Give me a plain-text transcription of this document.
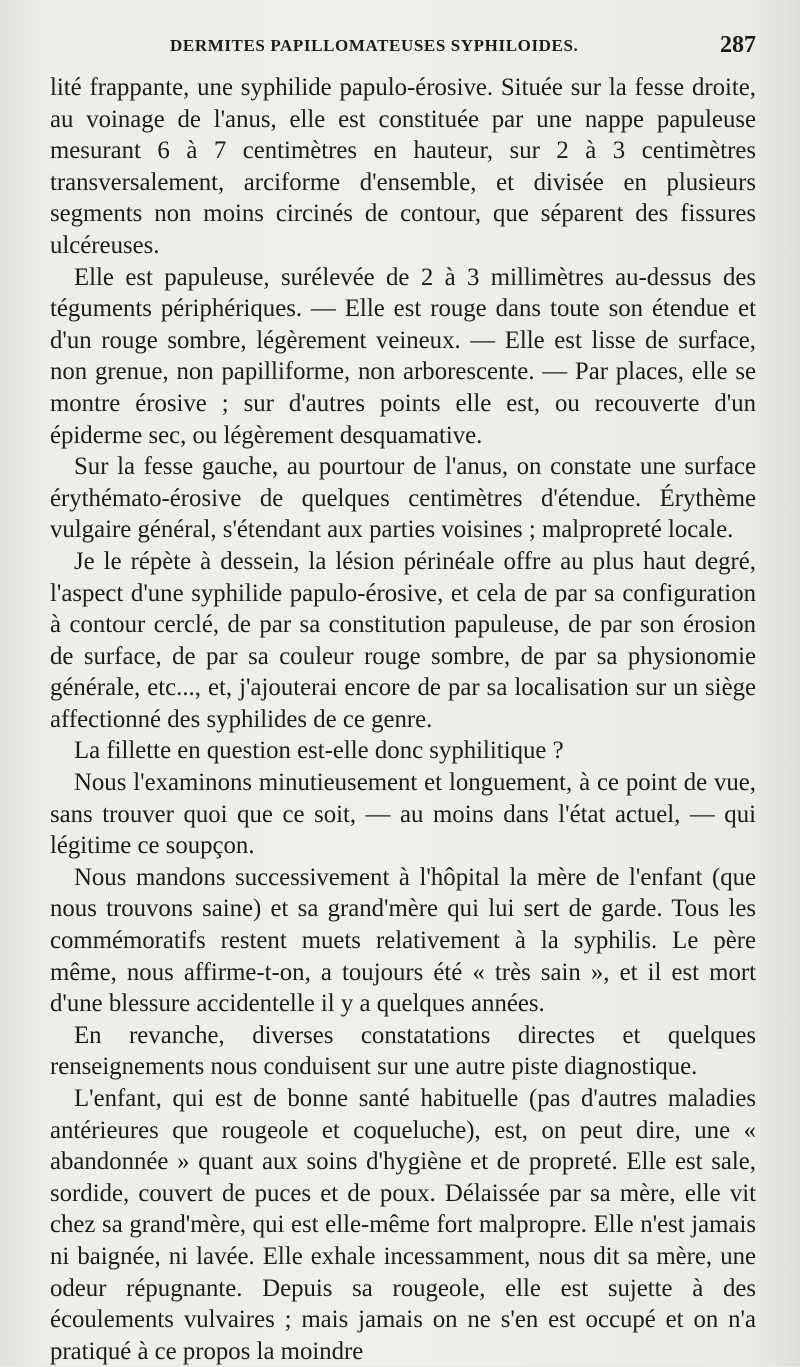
DERMITES PAPILLOMATEUSES SYPHILOIDES.	287

lité frappante, une syphilide papulo-érosive. Située sur la fesse droite, au voinage de l'anus, elle est constituée par une nappe papuleuse mesurant 6 à 7 centimètres en hauteur, sur 2 à 3 centimètres transversalement, arciforme d'ensemble, et divisée en plusieurs segments non moins circinés de contour, que séparent des fissures ulcéreuses.

Elle est papuleuse, surélevée de 2 à 3 millimètres au-dessus des téguments périphériques. — Elle est rouge dans toute son étendue et d'un rouge sombre, légèrement veineux. — Elle est lisse de surface, non grenue, non papilliforme, non arborescente. — Par places, elle se montre érosive ; sur d'autres points elle est, ou recouverte d'un épiderme sec, ou légèrement desquamative.

Sur la fesse gauche, au pourtour de l'anus, on constate une surface érythémato-érosive de quelques centimètres d'étendue. Érythème vulgaire général, s'étendant aux parties voisines ; malpropreté locale.

Je le répète à dessein, la lésion périnéale offre au plus haut degré, l'aspect d'une syphilide papulo-érosive, et cela de par sa configuration à contour cerclé, de par sa constitution papuleuse, de par son érosion de surface, de par sa couleur rouge sombre, de par sa physionomie générale, etc..., et, j'ajouterai encore de par sa localisation sur un siège affectionné des syphilides de ce genre.

La fillette en question est-elle donc syphilitique ?

Nous l'examinons minutieusement et longuement, à ce point de vue, sans trouver quoi que ce soit, — au moins dans l'état actuel, — qui légitime ce soupçon.

Nous mandons successivement à l'hôpital la mère de l'enfant (que nous trouvons saine) et sa grand'mère qui lui sert de garde. Tous les commémoratifs restent muets relativement à la syphilis. Le père même, nous affirme-t-on, a toujours été « très sain », et il est mort d'une blessure accidentelle il y a quelques années.

En revanche, diverses constatations directes et quelques renseignements nous conduisent sur une autre piste diagnostique.

L'enfant, qui est de bonne santé habituelle (pas d'autres maladies antérieures que rougeole et coqueluche), est, on peut dire, une « abandonnée » quant aux soins d'hygiène et de propreté. Elle est sale, sordide, couvert de puces et de poux. Délaissée par sa mère, elle vit chez sa grand'mère, qui est elle-même fort malpropre. Elle n'est jamais ni baignée, ni lavée. Elle exhale incessamment, nous dit sa mère, une odeur répugnante. Depuis sa rougeole, elle est sujette à des écoulements vulvaires ; mais jamais on ne s'en est occupé et on n'a pratiqué à ce propos la moindre
